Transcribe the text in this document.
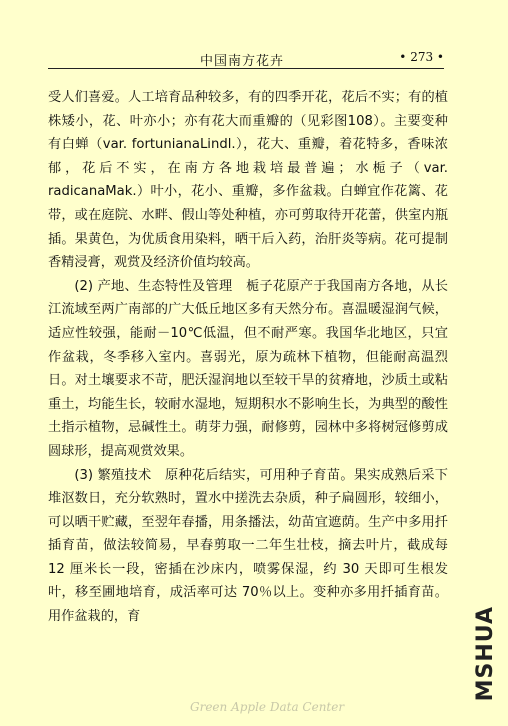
中国南方花卉	• 273 •

受人们喜爱。人工培育品种较多，有的四季开花，花后不实；有的植株矮小，花、叶亦小；亦有花大而重瓣的（见彩图108）。主要变种有白蝉（var. fortunianaLindl.），花大、重瓣，着花特多，香味浓郁，花后不实，在南方各地栽培最普遍；水栀子（var. radicanaMak.）叶小，花小、重瓣，多作盆栽。白蝉宜作花篱、花带，或在庭院、水畔、假山等处种植，亦可剪取待开花蕾，供室内瓶插。果黄色，为优质食用染料，晒干后入药，治肝炎等病。花可提制香精浸膏，观赏及经济价值均较高。

(2) 产地、生态特性及管理　栀子花原产于我国南方各地，从长江流域至两广南部的广大低丘地区多有天然分布。喜温暖湿润气候，适应性较强，能耐－10℃低温，但不耐严寒。我国华北地区，只宜作盆栽，冬季移入室内。喜弱光，原为疏林下植物，但能耐高温烈日。对土壤要求不苛，肥沃湿润地以至较干旱的贫瘠地，沙质土或粘重土，均能生长，较耐水湿地，短期积水不影响生长，为典型的酸性土指示植物，忌碱性土。萌芽力强，耐修剪，园林中多将树冠修剪成圆球形，提高观赏效果。

(3) 繁殖技术　原种花后结实，可用种子育苗。果实成熟后采下堆沤数日，充分软熟时，置水中搓洗去杂质，种子扁圆形，较细小，可以晒干贮藏，至翌年春播，用条播法，幼苗宜遮荫。生产中多用扦插育苗，做法较简易，早春剪取一二年生壮枝，摘去叶片，截成每 12 厘米长一段，密插在沙床内，喷雾保湿，约 30 天即可生根发叶，移至圃地培育，成活率可达 70％以上。变种亦多用扦插育苗。用作盆栽的，育	MSHUA
Green Apple Data Center
